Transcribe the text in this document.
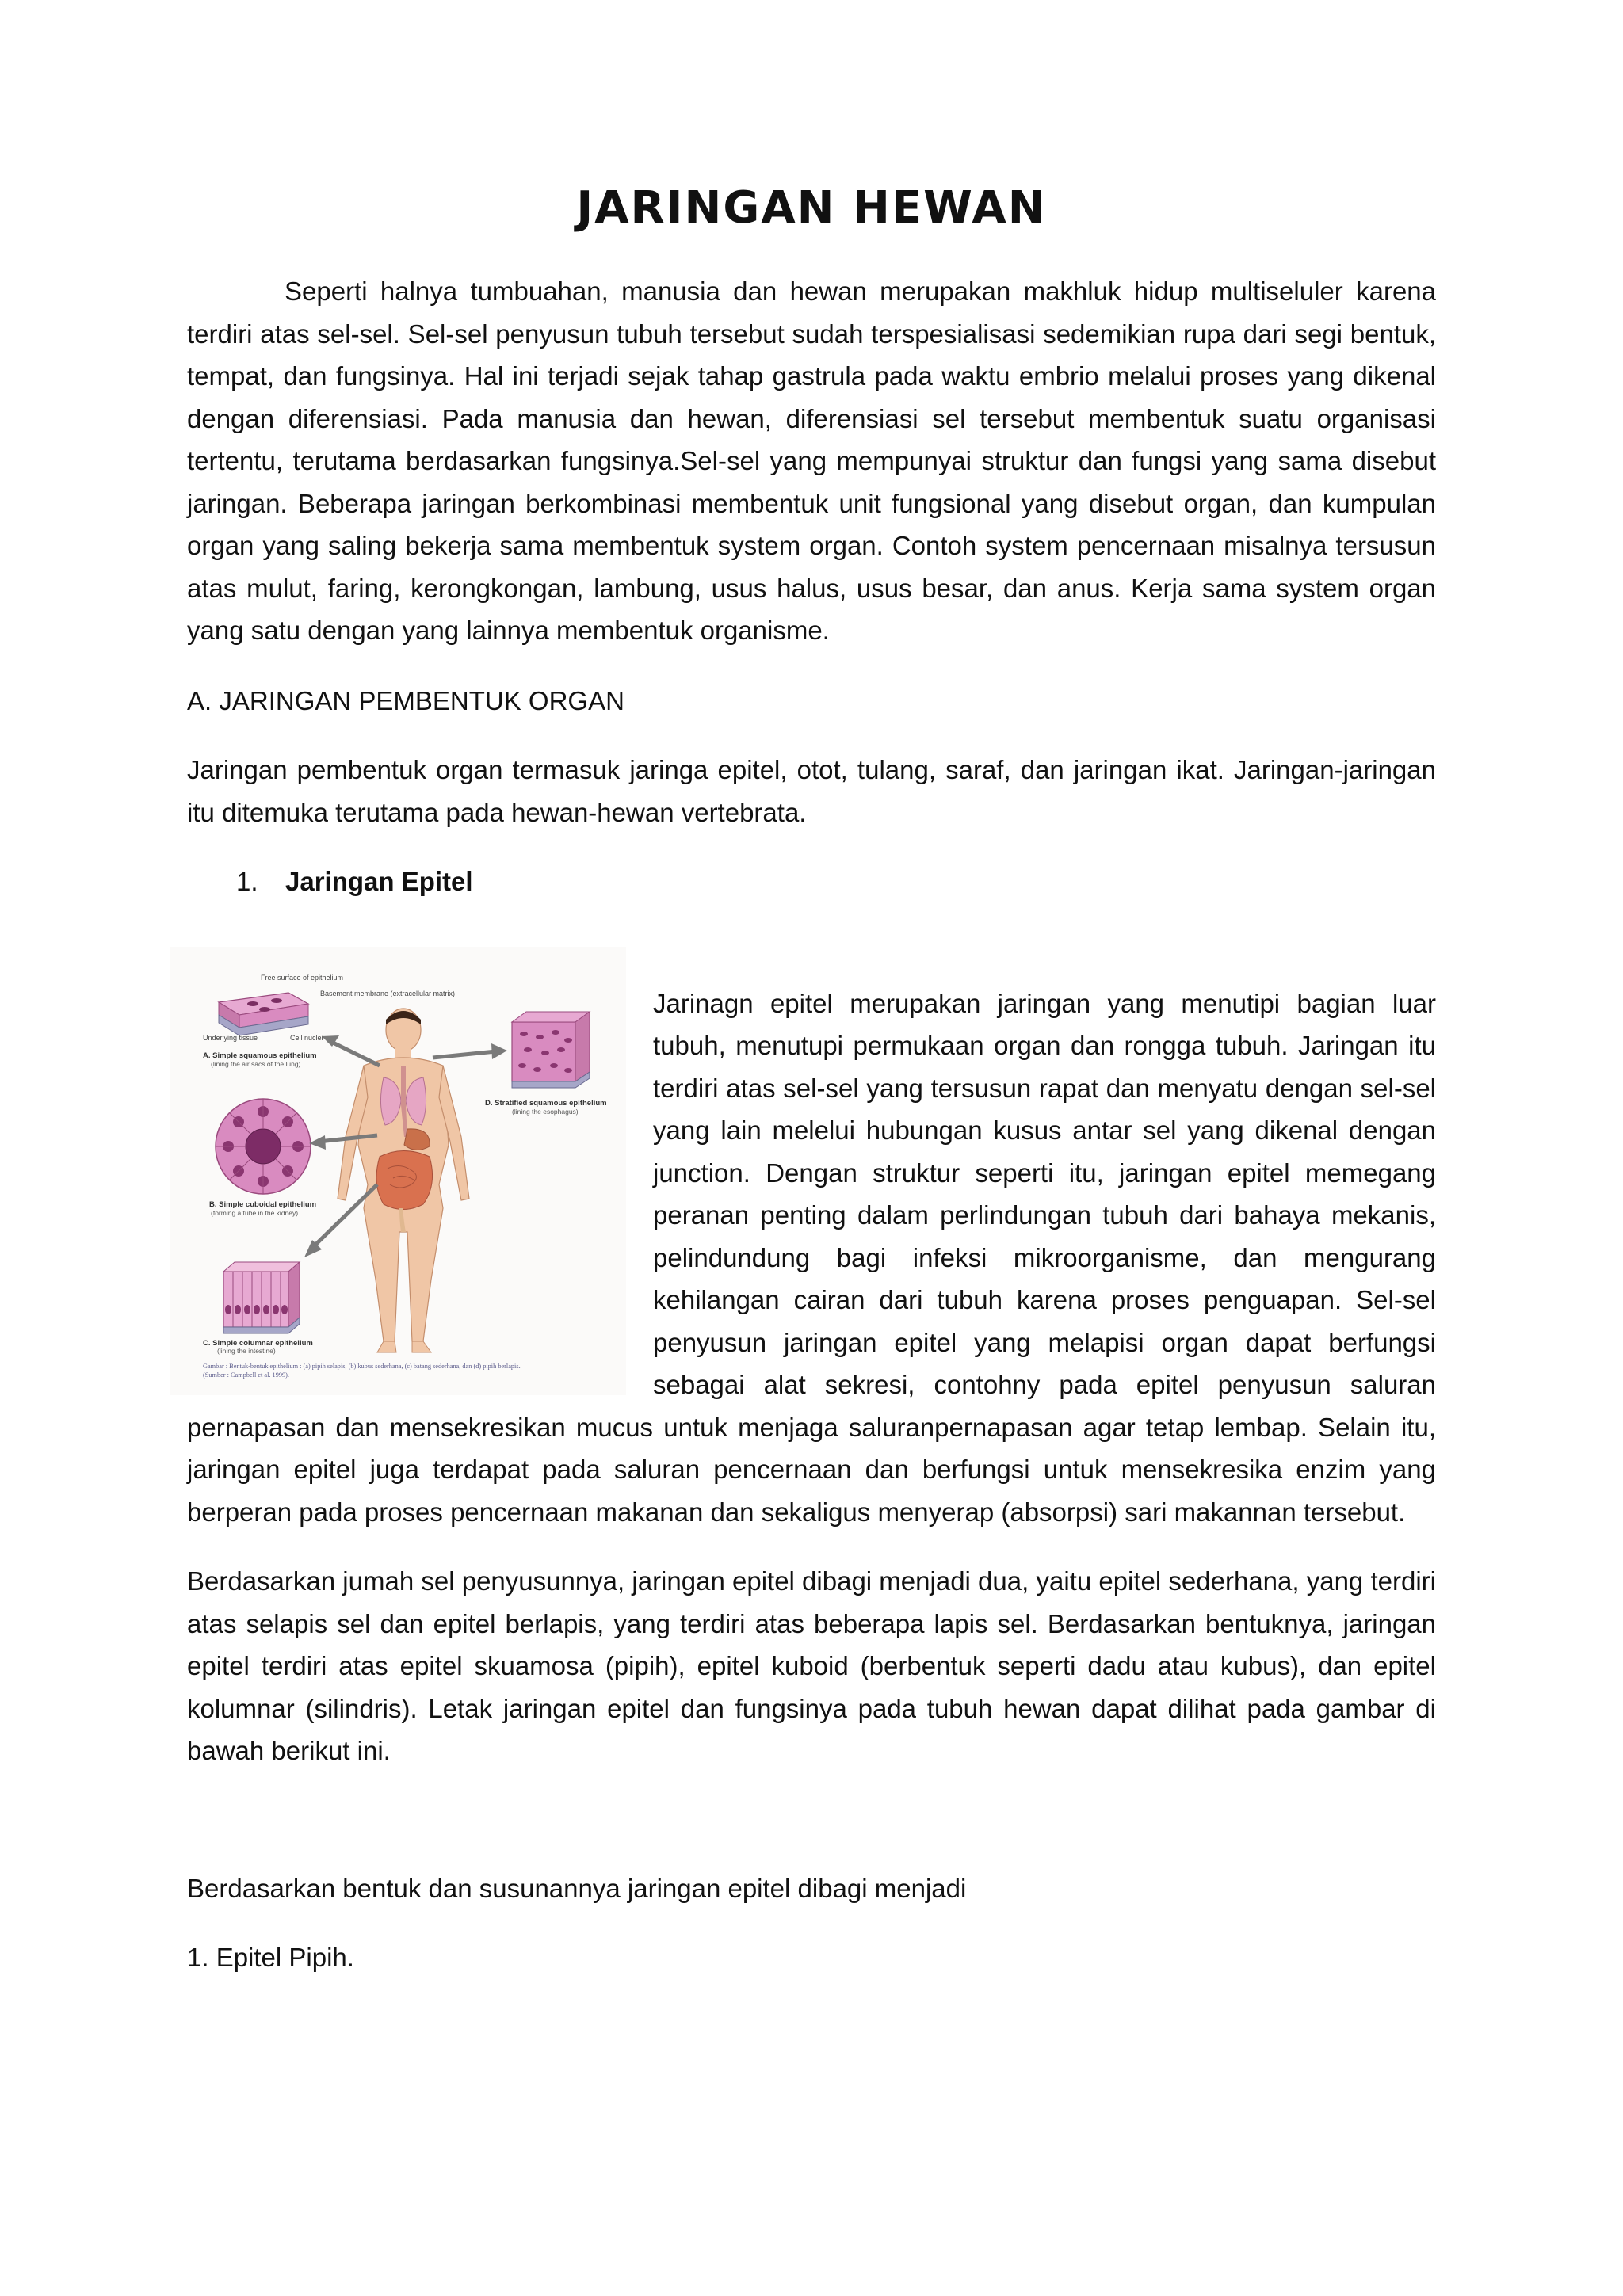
JARINGAN HEWAN

Seperti halnya tumbuahan, manusia dan hewan merupakan makhluk hidup multiseluler karena terdiri atas sel-sel. Sel-sel penyusun tubuh tersebut sudah terspesialisasi sedemikian rupa dari segi bentuk, tempat, dan fungsinya. Hal ini terjadi sejak tahap gastrula pada waktu embrio melalui proses yang dikenal dengan diferensiasi. Pada manusia dan hewan, diferensiasi sel tersebut membentuk suatu organisasi tertentu, terutama berdasarkan fungsinya.Sel-sel yang mempunyai struktur dan fungsi yang sama disebut jaringan. Beberapa jaringan berkombinasi membentuk unit fungsional yang disebut organ, dan kumpulan organ yang saling bekerja sama membentuk system organ. Contoh system pencernaan misalnya tersusun atas mulut, faring, kerongkongan, lambung, usus halus, usus besar, dan anus. Kerja sama system organ yang satu dengan yang lainnya membentuk organisme.

A. JARINGAN PEMBENTUK ORGAN

Jaringan pembentuk organ termasuk jaringa epitel, otot, tulang, saraf, dan jaringan ikat. Jaringan-jaringan itu ditemuka terutama pada hewan-hewan vertebrata.

1. Jaringan Epitel
Free surface of epithelium
Basement membrane (extracellular matrix)
Underlying tissue	Cell nuclei
A. Simple squamous epithelium
(lining the air sacs of the lung)
D. Stratified squamous epithelium
(lining the esophagus)
B. Simple cuboidal epithelium
(forming a tube in the kidney)
C. Simple columnar epithelium
(lining the intestine)
Gambar : Bentuk-bentuk epithelium : (a) pipih selapis, (b) kubus sederhana, (c) batang sederhana, dan (d) pipih berlapis.
(Sumber : Campbell et al. 1999).

Jarinagn epitel merupakan jaringan yang menutipi bagian luar tubuh, menutupi permukaan organ dan rongga tubuh. Jaringan itu terdiri atas sel-sel yang tersusun rapat dan menyatu dengan sel-sel yang lain melelui hubungan kusus antar sel yang dikenal dengan junction. Dengan struktur seperti itu, jaringan epitel memegang peranan penting dalam perlindungan tubuh dari bahaya mekanis, pelindundung bagi infeksi mikroorganisme, dan mengurang kehilangan cairan dari tubuh karena proses penguapan. Sel-sel penyusun jaringan epitel yang melapisi organ dapat berfungsi sebagai alat sekresi, contohny pada epitel penyusun saluran pernapasan dan mensekresikan mucus untuk menjaga saluranpernapasan agar tetap lembap. Selain itu, jaringan epitel juga terdapat pada saluran pencernaan dan berfungsi untuk mensekresika enzim yang berperan pada proses pencernaan makanan dan sekaligus menyerap (absorpsi) sari makannan tersebut.

Berdasarkan jumah sel penyusunnya, jaringan epitel dibagi menjadi dua, yaitu epitel sederhana, yang terdiri atas selapis sel dan epitel berlapis, yang terdiri atas beberapa lapis sel. Berdasarkan bentuknya, jaringan epitel terdiri atas epitel skuamosa (pipih), epitel kuboid (berbentuk seperti dadu atau kubus), dan epitel kolumnar (silindris). Letak jaringan epitel dan fungsinya pada tubuh hewan dapat dilihat pada gambar di bawah berikut ini.

Berdasarkan bentuk dan susunannya jaringan epitel dibagi menjadi

1. Epitel Pipih.
